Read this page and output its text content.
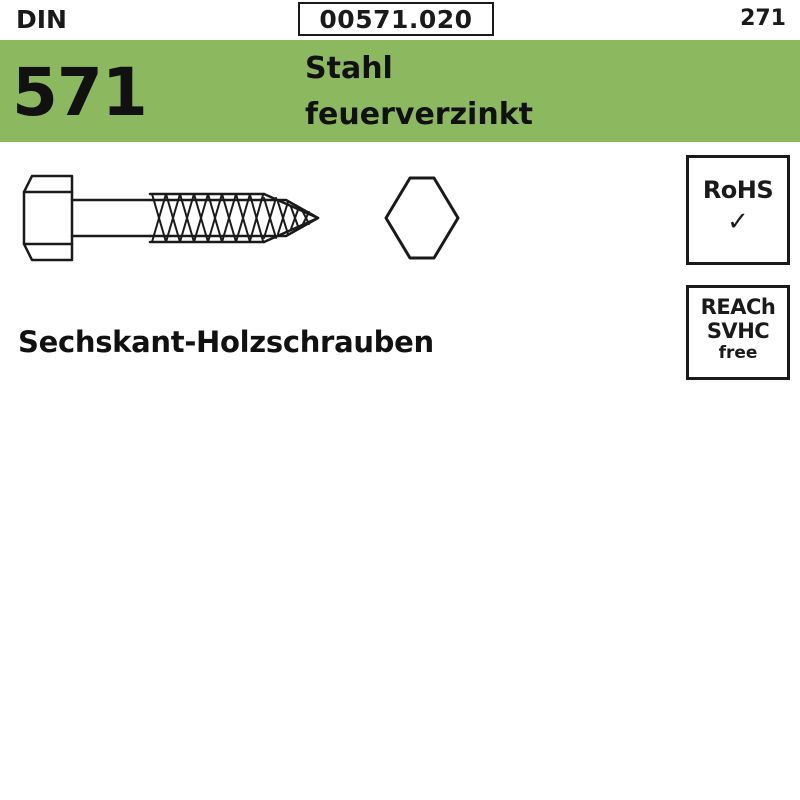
DIN	00571.020	271
571	Stahl
feuerverzinkt
Sechskant-Holzschrauben
RoHS
✓
REACh
SVHC
free
